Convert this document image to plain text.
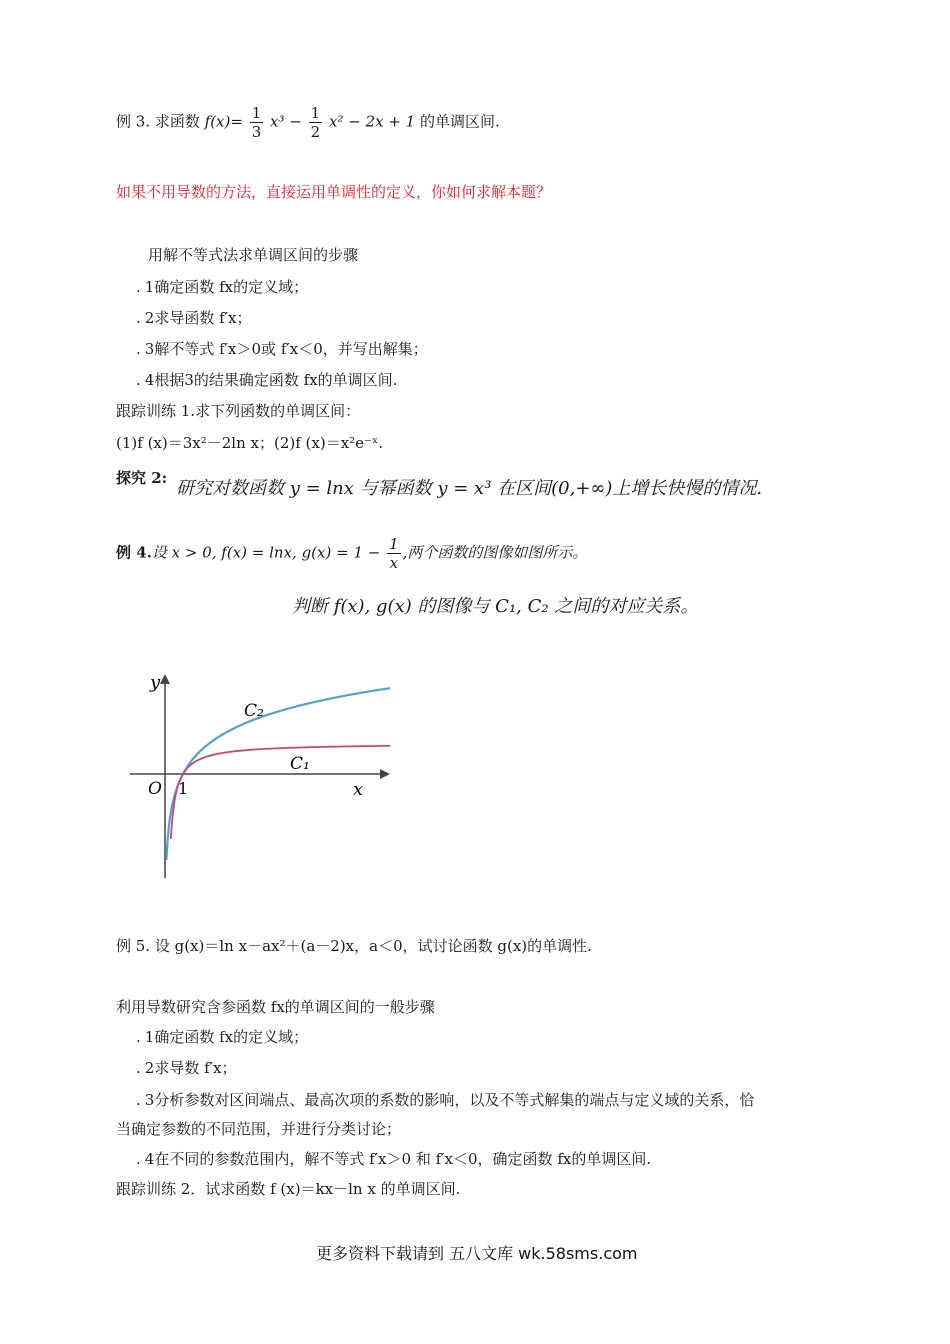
例 3. 求函数 $f(x)= \frac{1}{3} x^3 - \frac{1}{2} x^2 - 2x + 1$ 的单调区间.
如果不用导数的方法，直接运用单调性的定义，你如何求解本题？
用解不等式法求单调区间的步骤
. 1确定函数 fx的定义域；
. 2求导函数 f′x；
. 3解不等式 f′x＞0或 f′x＜0，并写出解集；
. 4根据3的结果确定函数 fx的单调区间.
跟踪训练 1.求下列函数的单调区间：
(1)f (x)＝3x²－2ln x；(2)f (x)＝x²e⁻ˣ.
探究 2: 研究对数函数 y = lnx 与幂函数 y = x³ 在区间(0,+∞)上增长快慢的情况.
例 4.设 x > 0, f(x) = lnx, $g(x) = 1 - \frac{1}{x}$ ,两个函数的图像如图所示。
判断 f(x), g(x) 的图像与 C₁, C₂ 之间的对应关系。
y
x
O 1
C₂
C₁
例 5. 设 g(x)＝ln x－ax²＋(a－2)x，a＜0，试讨论函数 g(x)的单调性.
利用导数研究含参函数 fx的单调区间的一般步骤
. 1确定函数 fx的定义域；
. 2求导数 f′x；
. 3分析参数对区间端点、最高次项的系数的影响，以及不等式解集的端点与定义域的关系，恰
当确定参数的不同范围，并进行分类讨论；
. 4在不同的参数范围内，解不等式 f′x＞0 和 f′x＜0，确定函数 fx的单调区间.
跟踪训练 2．试求函数 f (x)＝kx－ln x 的单调区间.
更多资料下载请到 五八文库 wk.58sms.com
